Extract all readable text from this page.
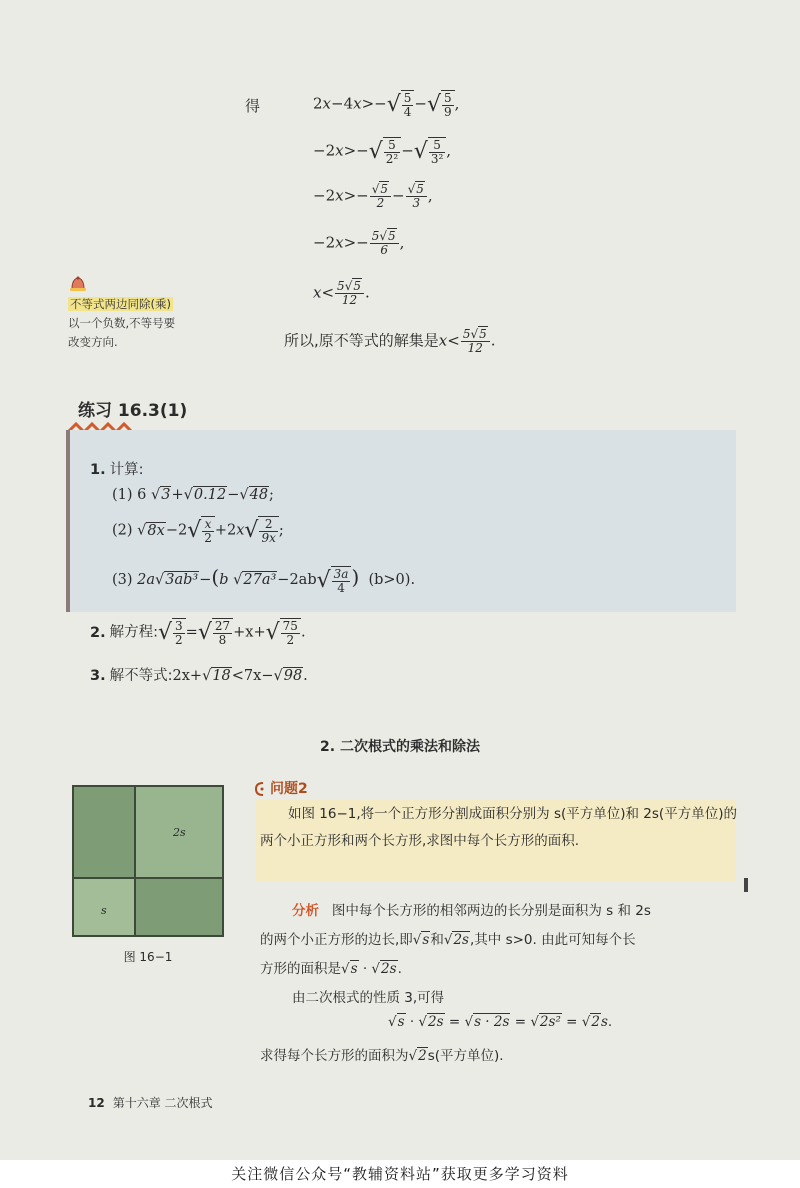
得	$2x-4x>-√ \frac{5}{4}$ −√ $\frac{5}{9}$ ,
$-2x>-√ \frac{5}{\text{2²}}$ −√ $\frac{5}{\text{3²}}$ ,
$-2x>- \frac{√5}{2} - \frac{√5}{3}$ ,
$-2x>- \frac{5√5}{6}$ ,
$x< \frac{5√5}{12}$ .
所以,原不等式的解集是$x< \frac{5√5}{12}$ .
不等式两边同除(乘)
以一个负数,不等号要
改变方向.
练习 16.3(1)
1. 计算:
(1) 6 √3+√0.12−√48;
(2) $√8x-2√ \frac{x}{2} +2x√ \frac{2}{9x}$ ;
(3) 2a√3ab³−(b $√27a^3-2ab√ \frac{3a}{4}$ ) (b>0).
2. 解方程:√ $\frac{3}{2}$ =√ $\frac{27}{8} +x+√ \frac{75}{2}$ .
3. 解不等式:2x+√18<7x−√98.
2. 二次根式的乘法和除法
2s
s
图 16−1
问题2
如图 16−1,将一个正方形分割成面积分别为 s(平方单位)和 2s(平方单位)的两个小正方形和两个长方形,求图中每个长方形的面积.
分析 图中每个长方形的相邻两边的长分别是面积为 s 和 2s
的两个小正方形的边长,即√s和√2s,其中 s>0. 由此可知每个长
方形的面积是√s · √2s.
由二次根式的性质 3,可得
√s · √2s = √s · 2s = √2s² = √2s.
求得每个长方形的面积为√2s(平方单位).
12 第十六章 二次根式
关注微信公众号“教辅资料站”获取更多学习资料
